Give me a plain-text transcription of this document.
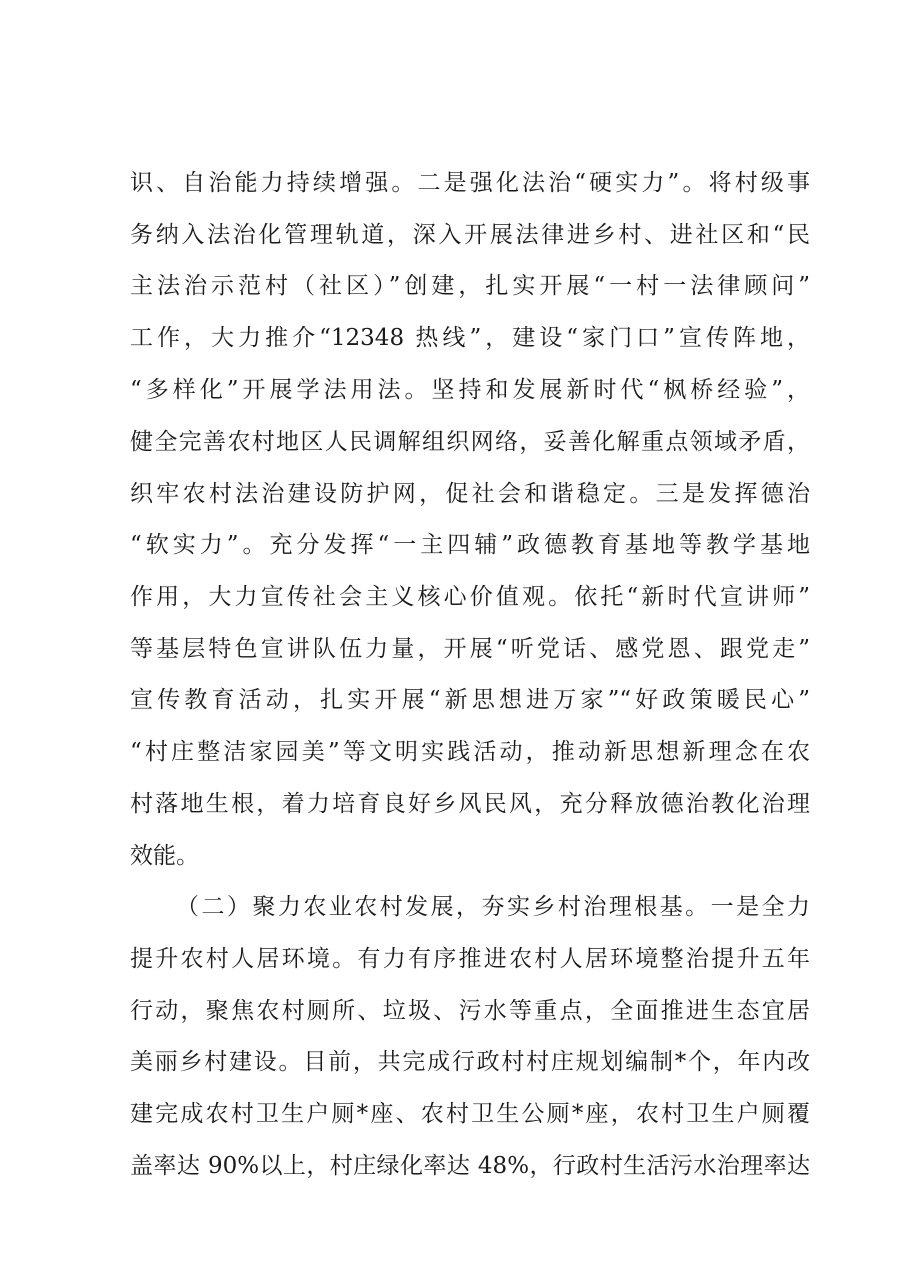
识、自治能力持续增强。二是强化法治“硬实力”。将村级事
务纳入法治化管理轨道，深入开展法律进乡村、进社区和“民
主法治示范村（社区）”创建，扎实开展“一村一法律顾问”
工作，大力推介“12348 热线”，建设“家门口”宣传阵地，
“多样化”开展学法用法。坚持和发展新时代“枫桥经验”，
健全完善农村地区人民调解组织网络，妥善化解重点领域矛盾，
织牢农村法治建设防护网，促社会和谐稳定。三是发挥德治
“软实力”。充分发挥“一主四辅”政德教育基地等教学基地
作用，大力宣传社会主义核心价值观。依托“新时代宣讲师”
等基层特色宣讲队伍力量，开展“听党话、感党恩、跟党走”
宣传教育活动，扎实开展“新思想进万家”“好政策暖民心”
“村庄整洁家园美”等文明实践活动，推动新思想新理念在农
村落地生根，着力培育良好乡风民风，充分释放德治教化治理
效能。
（二）聚力农业农村发展，夯实乡村治理根基。一是全力
提升农村人居环境。有力有序推进农村人居环境整治提升五年
行动，聚焦农村厕所、垃圾、污水等重点，全面推进生态宜居
美丽乡村建设。目前，共完成行政村村庄规划编制*个，年内改
建完成农村卫生户厕*座、农村卫生公厕*座，农村卫生户厕覆
盖率达 90%以上，村庄绿化率达 48%，行政村生活污水治理率达
